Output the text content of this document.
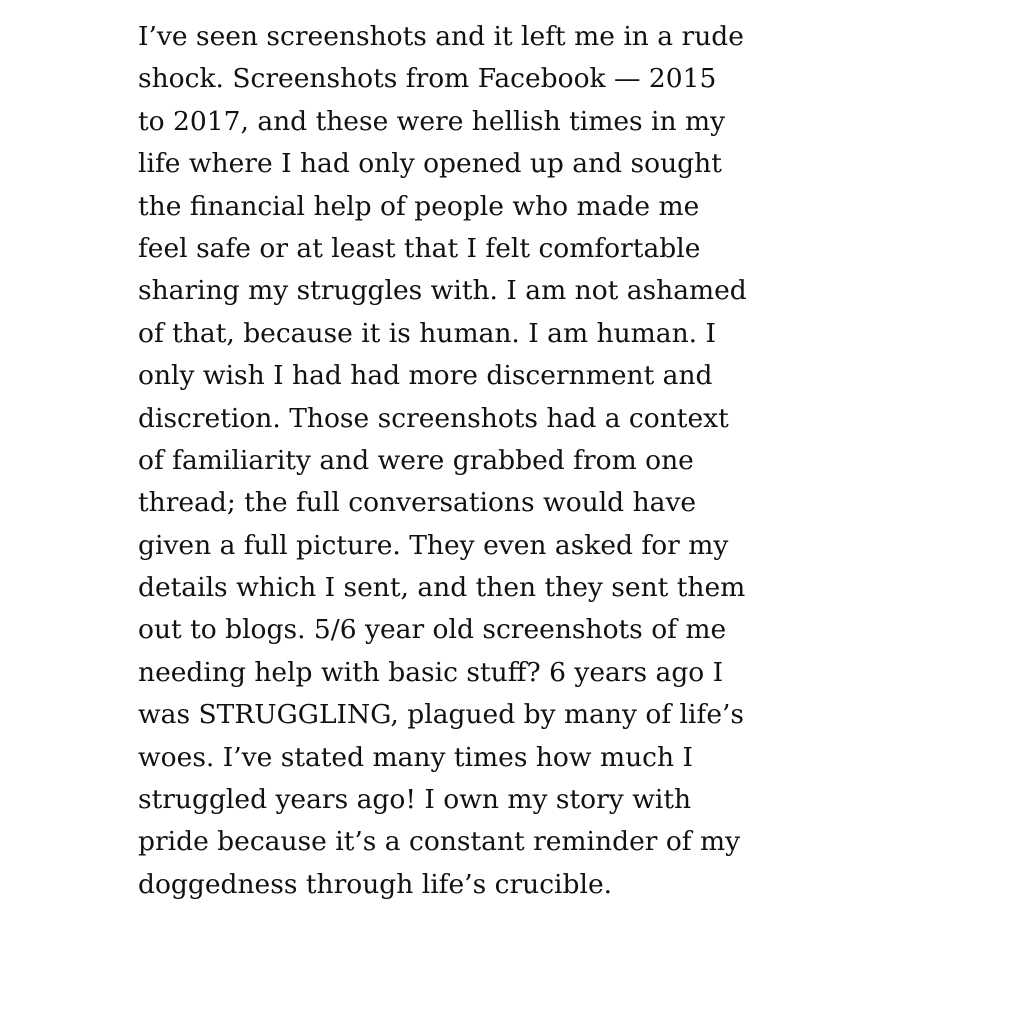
I’ve seen screenshots and it left me in a rude
shock. Screenshots from Facebook — 2015
to 2017, and these were hellish times in my
life where I had only opened up and sought
the financial help of people who made me
feel safe or at least that I felt comfortable
sharing my struggles with. I am not ashamed
of that, because it is human. I am human. I
only wish I had had more discernment and
discretion. Those screenshots had a context
of familiarity and were grabbed from one
thread; the full conversations would have
given a full picture. They even asked for my
details which I sent, and then they sent them
out to blogs. 5/6 year old screenshots of me
needing help with basic stuff? 6 years ago I
was STRUGGLING, plagued by many of life’s
woes. I’ve stated many times how much I
struggled years ago! I own my story with
pride because it’s a constant reminder of my
doggedness through life’s crucible.
